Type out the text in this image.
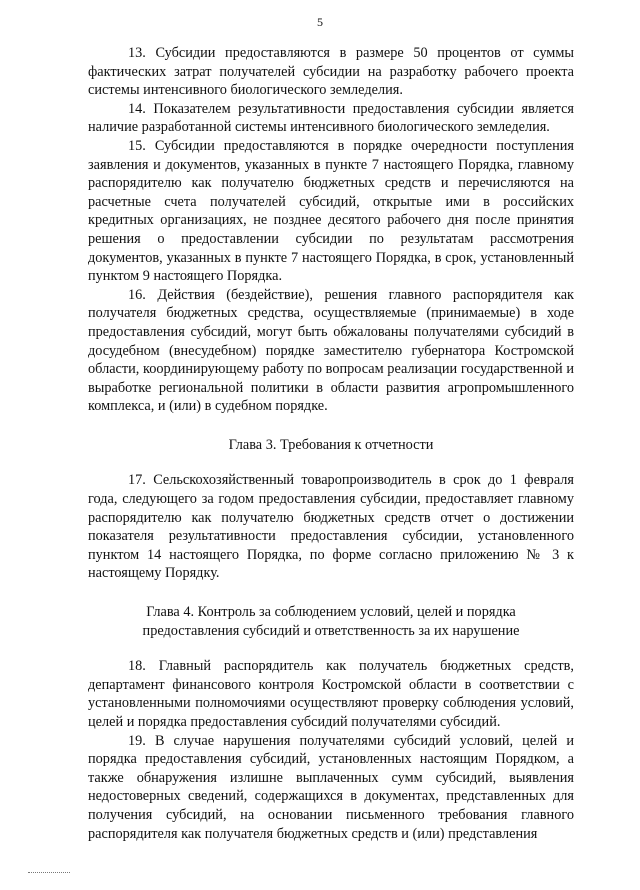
5

13. Субсидии предоставляются в размере 50 процентов от суммы фактических затрат получателей субсидии на разработку рабочего проекта системы интенсивного биологического земледелия.

14. Показателем результативности предоставления субсидии является наличие разработанной системы интенсивного биологического земледелия.

15. Субсидии предоставляются в порядке очередности поступления заявления и документов, указанных в пункте 7 настоящего Порядка, главному распорядителю как получателю бюджетных средств и перечисляются на расчетные счета получателей субсидий, открытые ими в российских кредитных организациях, не позднее десятого рабочего дня после принятия решения о предоставлении субсидии по результатам рассмотрения документов, указанных в пункте 7 настоящего Порядка, в срок, установленный пунктом 9 настоящего Порядка.

16. Действия (бездействие), решения главного распорядителя как получателя бюджетных средства, осуществляемые (принимаемые) в ходе предоставления субсидий, могут быть обжалованы получателями субсидий в досудебном (внесудебном) порядке заместителю губернатора Костромской области, координирующему работу по вопросам реализации государственной и выработке региональной политики в области развития агропромышленного комплекса, и (или) в судебном порядке.

Глава 3. Требования к отчетности

17. Сельскохозяйственный товаропроизводитель в срок до 1 февраля года, следующего за годом предоставления субсидии, предоставляет главному распорядителю как получателю бюджетных средств отчет о достижении показателя результативности предоставления субсидии, установленного пунктом 14 настоящего Порядка, по форме согласно приложению № 3 к настоящему Порядку.

Глава 4. Контроль за соблюдением условий, целей и порядка
предоставления субсидий и ответственность за их нарушение

18. Главный распорядитель как получатель бюджетных средств, департамент финансового контроля Костромской области в соответствии с установленными полномочиями осуществляют проверку соблюдения условий, целей и порядка предоставления субсидий получателями субсидий.

19. В случае нарушения получателями субсидий условий, целей и порядка предоставления субсидий, установленных настоящим Порядком, а также обнаружения излишне выплаченных сумм субсидий, выявления недостоверных сведений, содержащихся в документах, представленных для получения субсидий, на основании письменного требования главного распорядителя как получателя бюджетных средств и (или) представления
